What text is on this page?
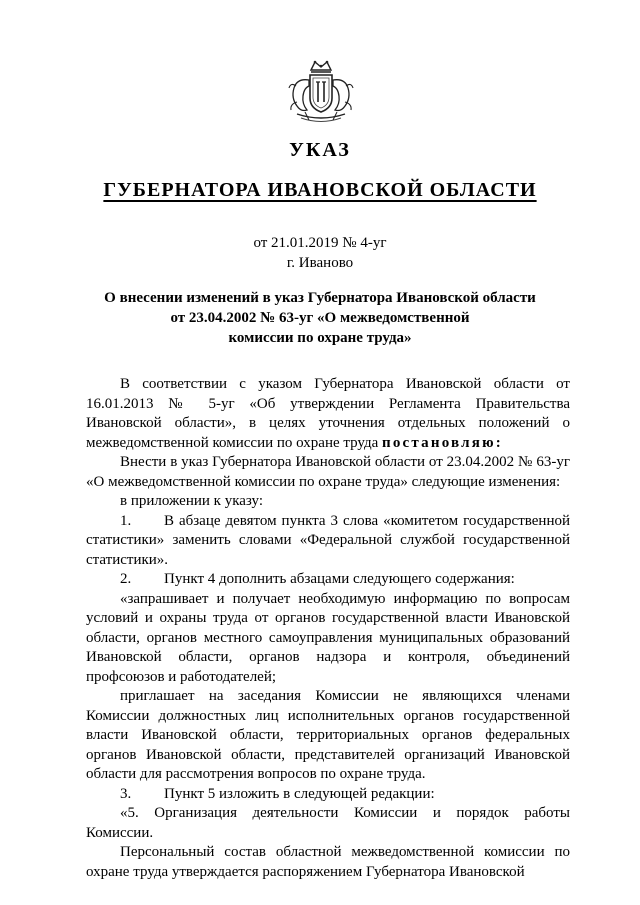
УКАЗ
ГУБЕРНАТОРА ИВАНОВСКОЙ ОБЛАСТИ
от 21.01.2019 № 4-уг
г. Иваново
О внесении изменений в указ Губернатора Ивановской области
от 23.04.2002 № 63-уг «О межведомственной
комиссии по охране труда»
В соответствии с указом Губернатора Ивановской области от 16.01.2013 № 5-уг «Об утверждении Регламента Правительства Ивановской области», в целях уточнения отдельных положений о межведомственной комиссии по охране труда постановляю:
Внести в указ Губернатора Ивановской области от 23.04.2002 № 63-уг «О межведомственной комиссии по охране труда» следующие изменения:
в приложении к указу:
1. В абзаце девятом пункта 3 слова «комитетом государственной статистики» заменить словами «Федеральной службой государственной статистики».
2. Пункт 4 дополнить абзацами следующего содержания:
«запрашивает и получает необходимую информацию по вопросам условий и охраны труда от органов государственной власти Ивановской области, органов местного самоуправления муниципальных образований Ивановской области, органов надзора и контроля, объединений профсоюзов и работодателей;
приглашает на заседания Комиссии не являющихся членами Комиссии должностных лиц исполнительных органов государственной власти Ивановской области, территориальных органов федеральных органов Ивановской области, представителей организаций Ивановской области для рассмотрения вопросов по охране труда.
3. Пункт 5 изложить в следующей редакции:
«5. Организация деятельности Комиссии и порядок работы Комиссии.
Персональный состав областной межведомственной комиссии по охране труда утверждается распоряжением Губернатора Ивановской
